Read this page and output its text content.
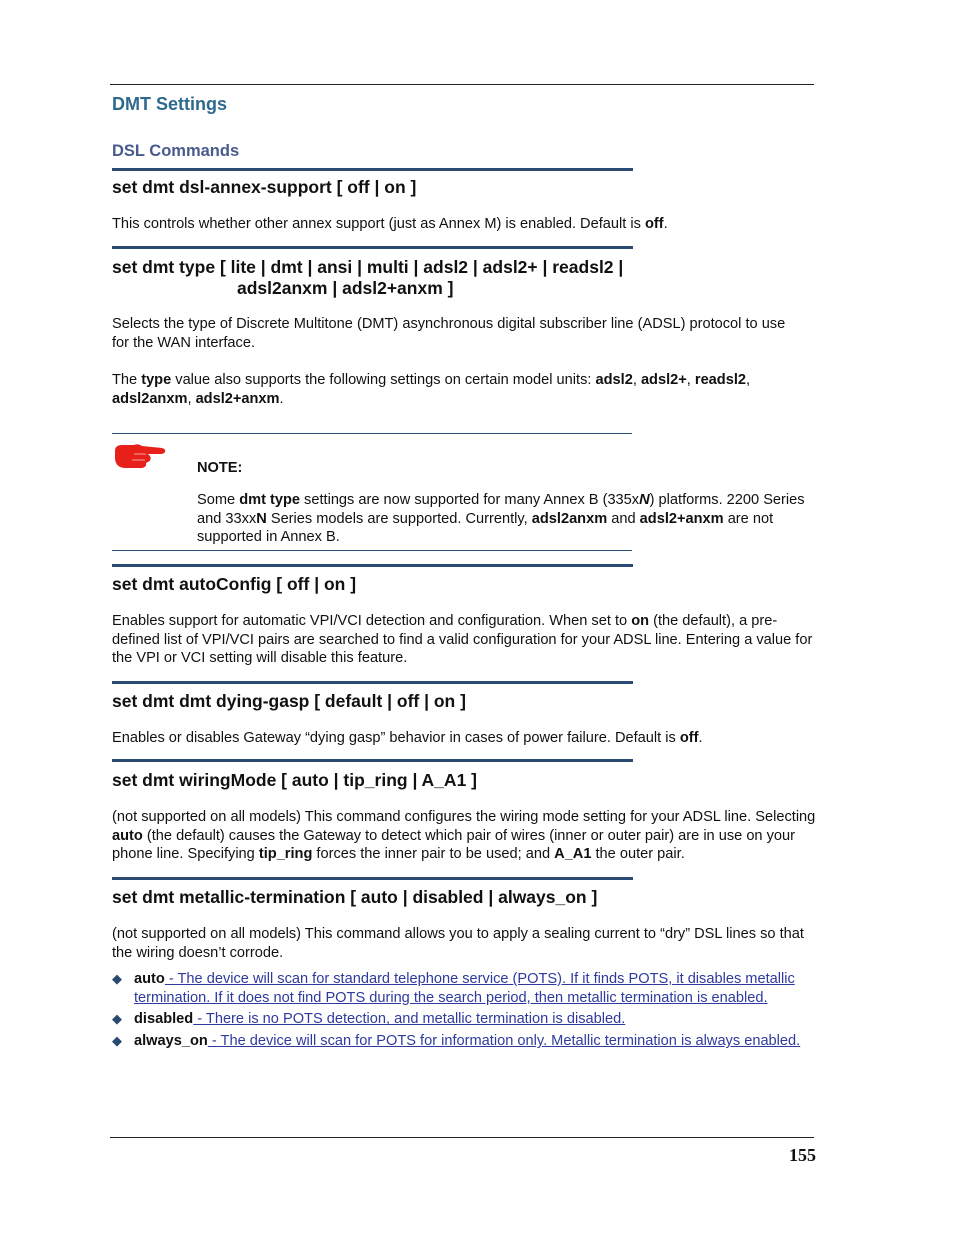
DMT Settings
DSL Commands
set dmt dsl-annex-support [ off | on ]
This controls whether other annex support (just as Annex M) is enabled. Default is off.
set dmt type [ lite | dmt | ansi | multi | adsl2 | adsl2+ | readsl2 |
adsl2anxm | adsl2+anxm ]
Selects the type of Discrete Multitone (DMT) asynchronous digital subscriber line (ADSL) protocol to use for the WAN interface.
The type value also supports the following settings on certain model units: adsl2, adsl2+, readsl2, adsl2anxm, adsl2+anxm.
NOTE:
Some dmt type settings are now supported for many Annex B (335xN) platforms. 2200 Series and 33xxN Series models are supported. Currently, adsl2anxm and adsl2+anxm are not supported in Annex B.
set dmt autoConfig [ off | on ]
Enables support for automatic VPI/VCI detection and configuration. When set to on (the default), a pre-defined list of VPI/VCI pairs are searched to find a valid configuration for your ADSL line. Entering a value for the VPI or VCI setting will disable this feature.
set dmt dmt dying-gasp [ default | off | on ]
Enables or disables Gateway “dying gasp” behavior in cases of power failure. Default is off.
set dmt wiringMode [ auto | tip_ring | A_A1 ]
(not supported on all models) This command configures the wiring mode setting for your ADSL line. Selecting auto (the default) causes the Gateway to detect which pair of wires (inner or outer pair) are in use on your phone line. Specifying tip_ring forces the inner pair to be used; and A_A1 the outer pair.
set dmt metallic-termination [ auto | disabled | always_on ]
(not supported on all models) This command allows you to apply a sealing current to “dry” DSL lines so that the wiring doesn’t corrode.
◆ auto - The device will scan for standard telephone service (POTS). If it finds POTS, it disables metallic termination. If it does not find POTS during the search period, then metallic termination is enabled.
◆ disabled - There is no POTS detection, and metallic termination is disabled.
◆ always_on - The device will scan for POTS for information only. Metallic termination is always enabled.
155
